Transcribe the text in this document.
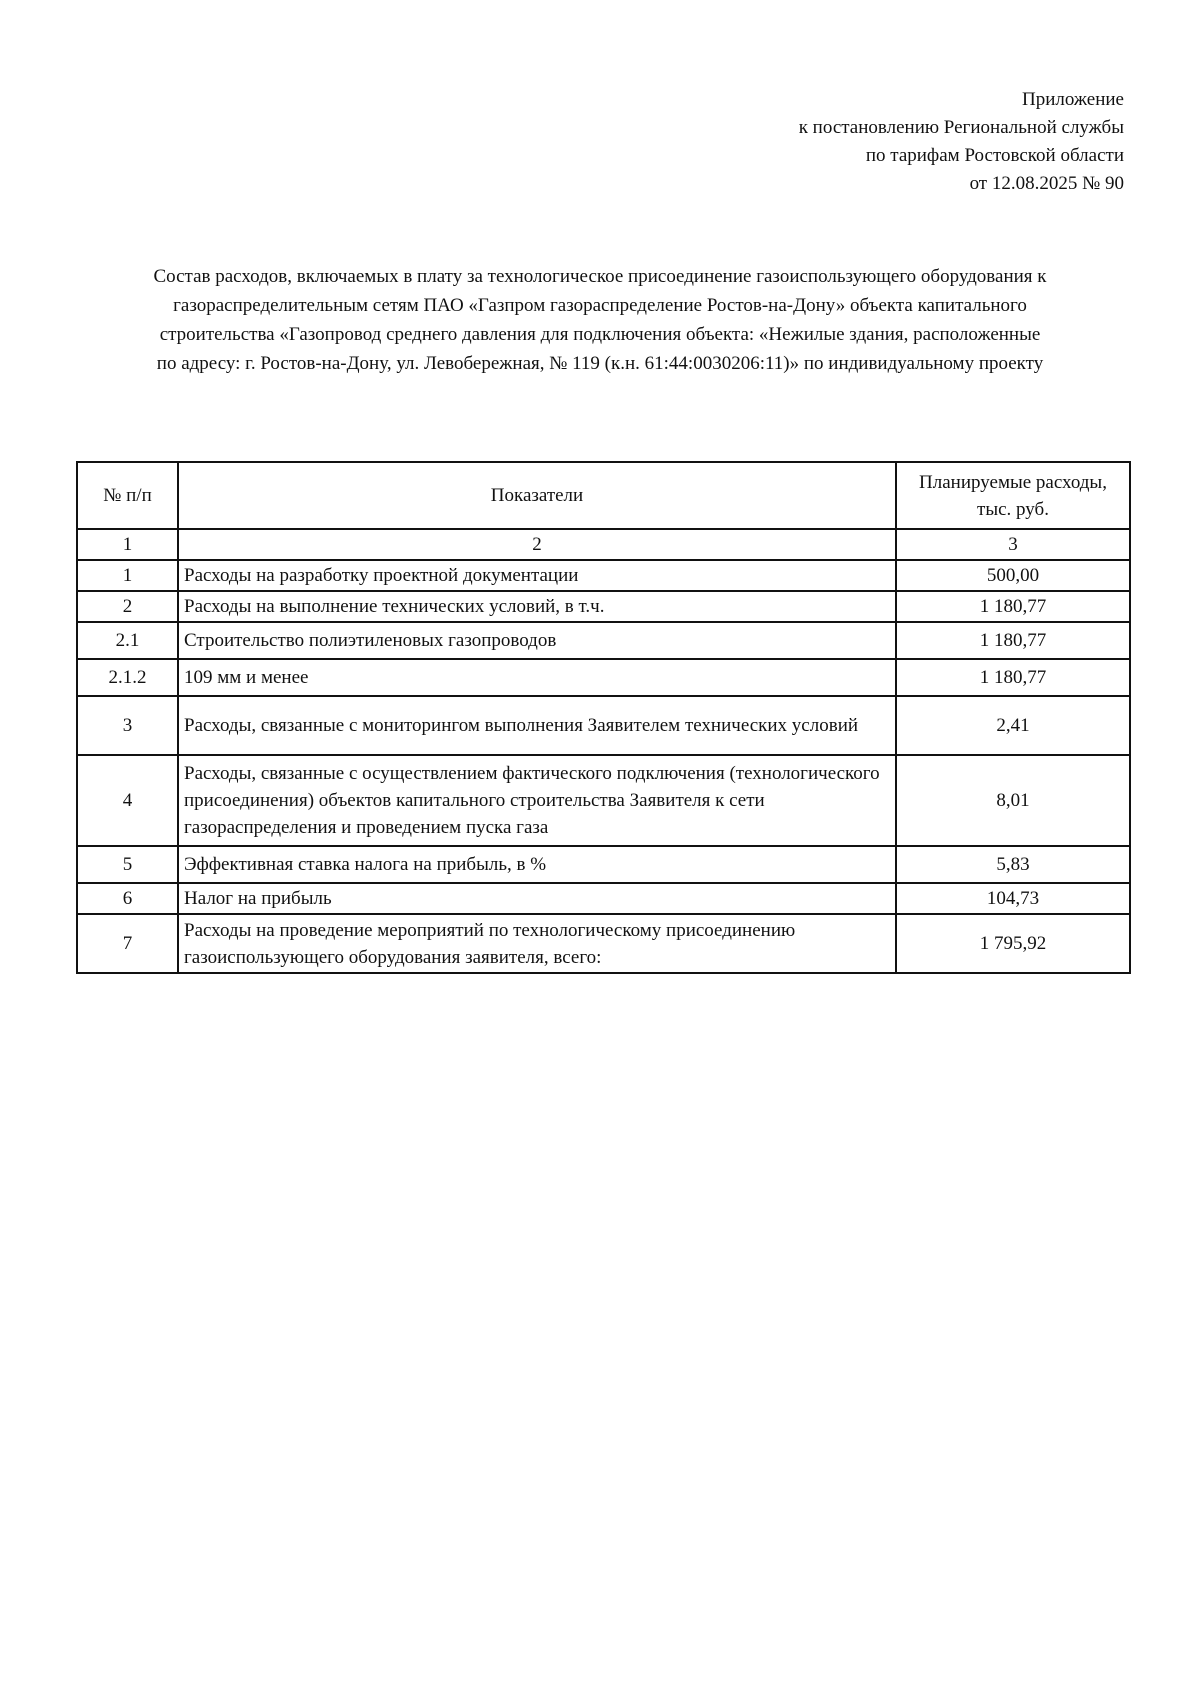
Приложение
к постановлению Региональной службы
по тарифам Ростовской области
от 12.08.2025 № 90
Состав расходов, включаемых в плату за технологическое присоединение газоиспользующего оборудования к
газораспределительным сетям ПАО «Газпром газораспределение Ростов-на-Дону» объекта капитального
строительства «Газопровод среднего давления для подключения объекта: «Нежилые здания, расположенные
по адресу: г. Ростов-на-Дону, ул. Левобережная, № 119 (к.н. 61:44:0030206:11)» по индивидуальному проекту
№ п/п	Показатели	Планируемые расходы, тыс. руб.
1	2	3
1	Расходы на разработку проектной документации	500,00
2	Расходы на выполнение технических условий, в т.ч.	1 180,77
2.1	Строительство полиэтиленовых газопроводов	1 180,77
2.1.2	109 мм и менее	1 180,77
3	Расходы, связанные с мониторингом выполнения Заявителем технических условий	2,41
4	Расходы, связанные с осуществлением фактического подключения (технологического присоединения) объектов капитального строительства Заявителя к сети газораспределения и проведением пуска газа	8,01
5	Эффективная ставка налога на прибыль, в %	5,83
6	Налог на прибыль	104,73
7	Расходы на проведение мероприятий по технологическому присоединению газоиспользующего оборудования заявителя, всего:	1 795,92
